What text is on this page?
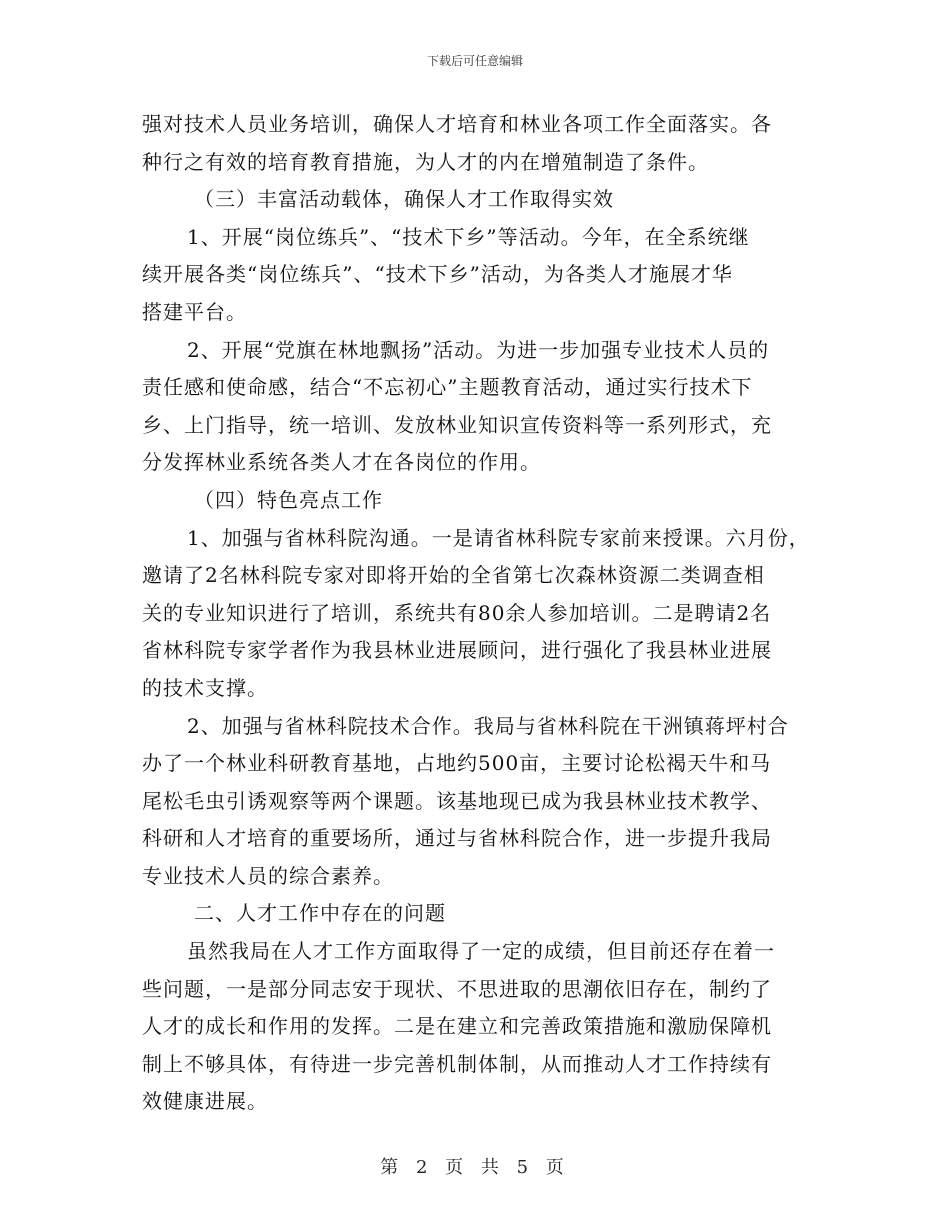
下载后可任意编辑
强对技术人员业务培训，确保人才培育和林业各项工作全面落实。各
种行之有效的培育教育措施，为人才的内在增殖制造了条件。
（三）丰富活动载体，确保人才工作取得实效
1、开展“岗位练兵”、“技术下乡”等活动。今年，在全系统继
续开展各类“岗位练兵”、“技术下乡”活动，为各类人才施展才华
搭建平台。
2、开展“党旗在林地飘扬”活动。为进一步加强专业技术人员的
责任感和使命感，结合“不忘初心”主题教育活动，通过实行技术下
乡、上门指导，统一培训、发放林业知识宣传资料等一系列形式，充
分发挥林业系统各类人才在各岗位的作用。
（四）特色亮点工作
1、加强与省林科院沟通。一是请省林科院专家前来授课。六月份，
邀请了2名林科院专家对即将开始的全省第七次森林资源二类调查相
关的专业知识进行了培训，系统共有80余人参加培训。二是聘请2名
省林科院专家学者作为我县林业进展顾问，进行强化了我县林业进展
的技术支撑。
2、加强与省林科院技术合作。我局与省林科院在干洲镇蒋坪村合
办了一个林业科研教育基地，占地约500亩，主要讨论松褐天牛和马
尾松毛虫引诱观察等两个课题。该基地现已成为我县林业技术教学、
科研和人才培育的重要场所，通过与省林科院合作，进一步提升我局
专业技术人员的综合素养。
二、人才工作中存在的问题
虽然我局在人才工作方面取得了一定的成绩，但目前还存在着一
些问题，一是部分同志安于现状、不思进取的思潮依旧存在，制约了
人才的成长和作用的发挥。二是在建立和完善政策措施和激励保障机
制上不够具体，有待进一步完善机制体制，从而推动人才工作持续有
效健康进展。
第 2 页 共 5 页
